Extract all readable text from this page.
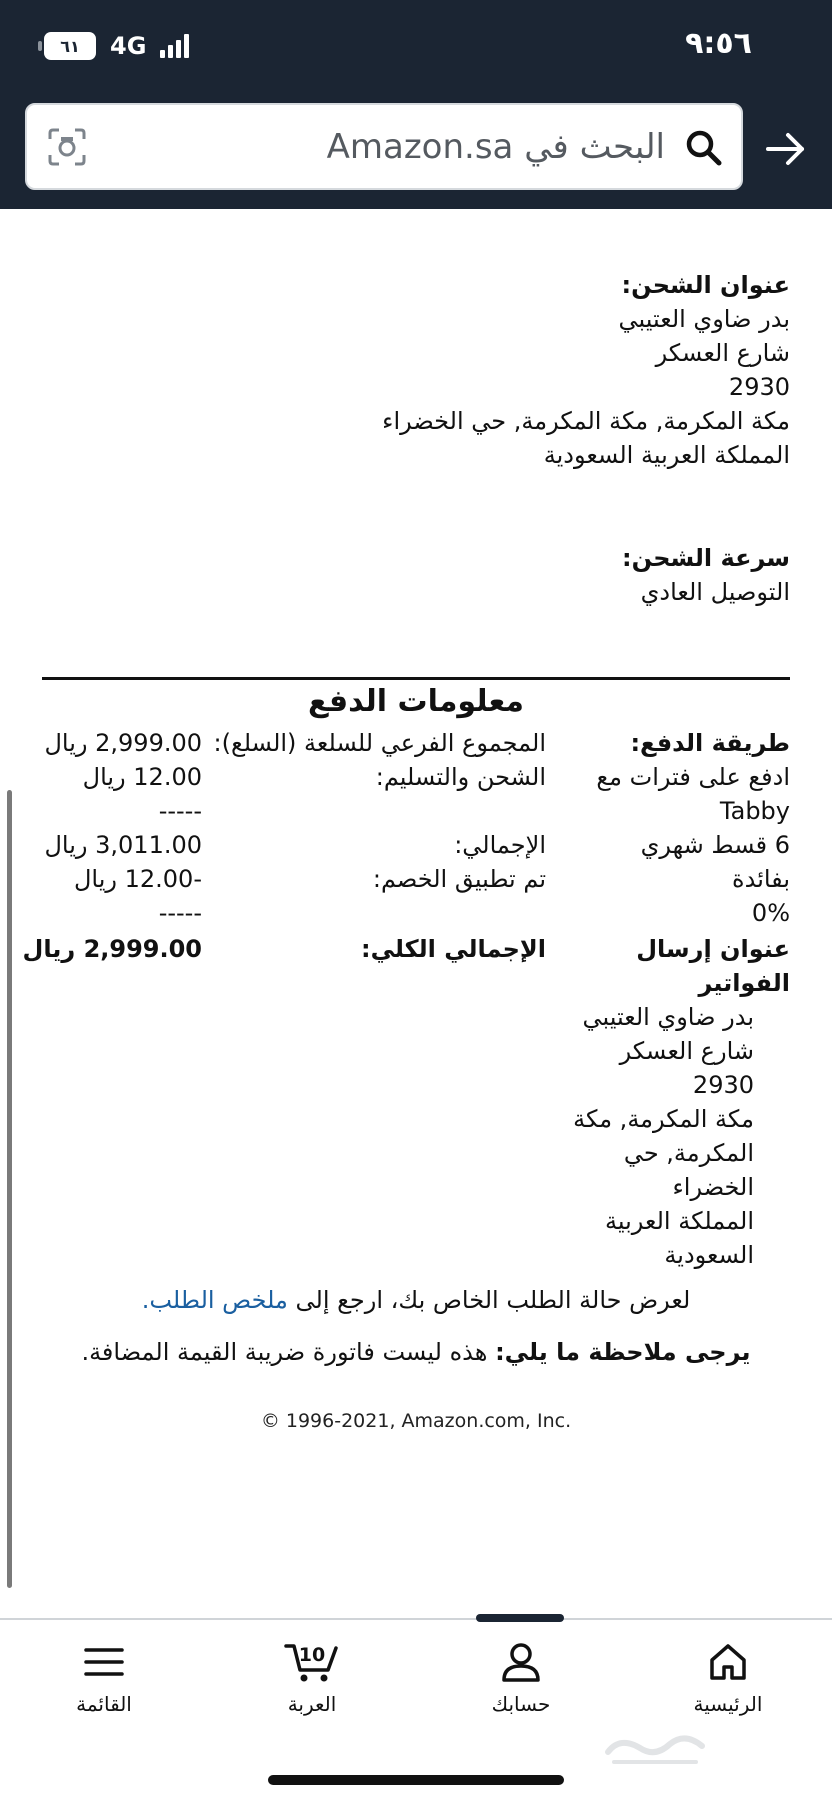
٦١ 4G	٩:٥٦
البحث في Amazon.sa
عنوان الشحن:
بدر ضاوي العتيبي
شارع العسكر
2930
مكة المكرمة, مكة المكرمة, حي الخضراء
المملكة العربية السعودية
سرعة الشحن:
التوصيل العادي
معلومات الدفع
طريقة الدفع:
ادفع على فترات مع
Tabby
6 قسط شهري بفائدة
0%
عنوان إرسال الفواتير
بدر ضاوي العتيبي
شارع العسكر
2930
مكة المكرمة, مكة
المكرمة, حي
الخضراء
المملكة العربية
السعودية
المجموع الفرعي للسلعة (السلع):
2,999.00 ريال
الشحن والتسليم:
12.00 ريال
-----
الإجمالي:
3,011.00 ريال
تم تطبيق الخصم:
-12.00 ريال
-----
الإجمالي الكلي:
2,999.00 ريال
لعرض حالة الطلب الخاص بك، ارجع إلى ملخص الطلب.
يرجى ملاحظة ما يلي: هذه ليست فاتورة ضريبة القيمة المضافة.
© 1996-2021, Amazon.com, Inc.
الرئيسية
حسابك
10
العربة
القائمة
